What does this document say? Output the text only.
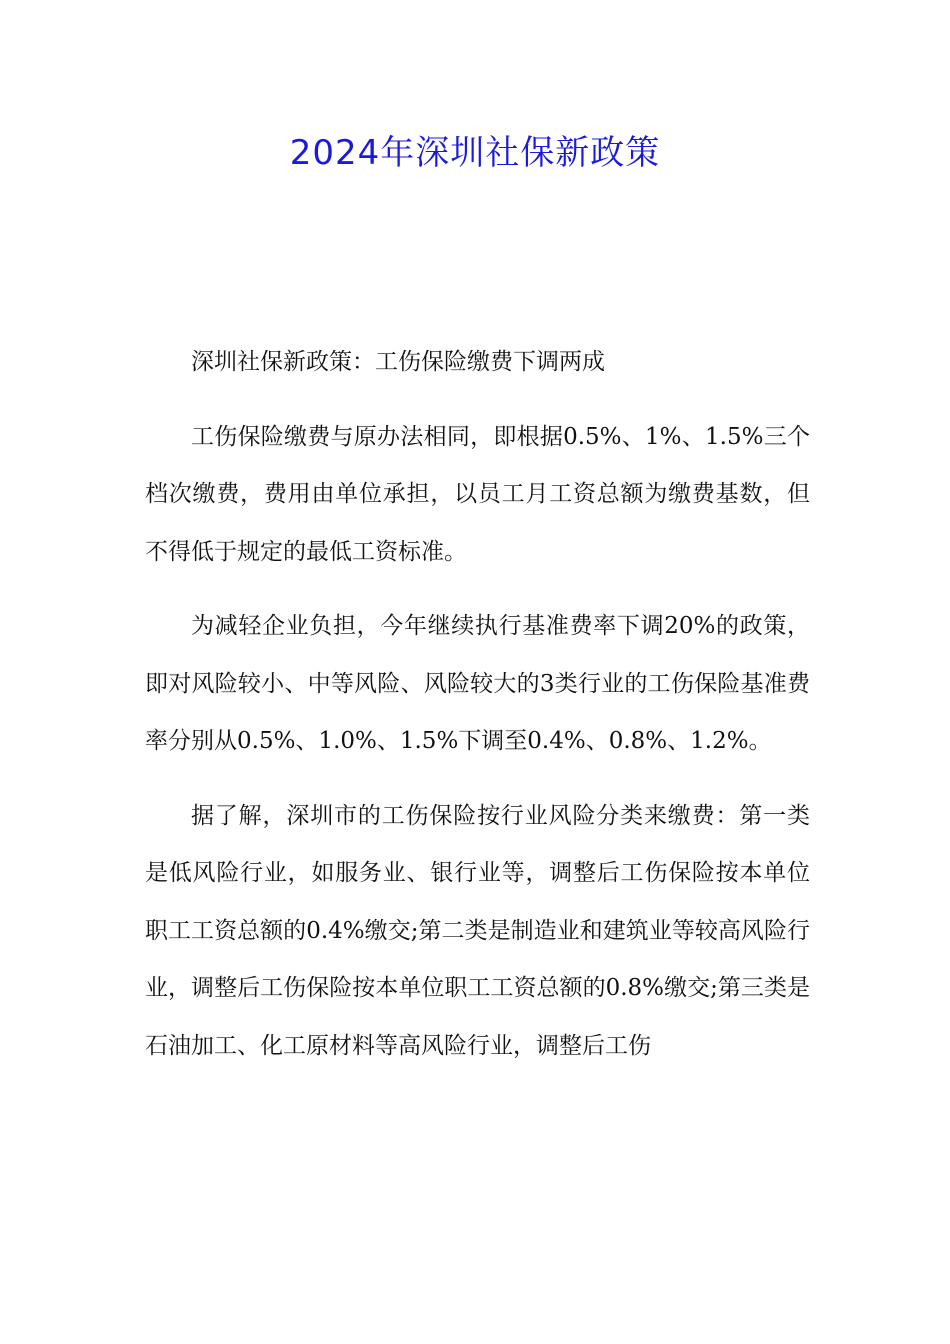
2024年深圳社保新政策

深圳社保新政策：工伤保险缴费下调两成

工伤保险缴费与原办法相同，即根据0.5%、1%、1.5%三个档次缴费，费用由单位承担，以员工月工资总额为缴费基数，但不得低于规定的最低工资标准。

为减轻企业负担，今年继续执行基准费率下调20%的政策，即对风险较小、中等风险、风险较大的3类行业的工伤保险基准费率分别从0.5%、1.0%、1.5%下调至0.4%、0.8%、1.2%。

据了解，深圳市的工伤保险按行业风险分类来缴费：第一类是低风险行业，如服务业、银行业等，调整后工伤保险按本单位职工工资总额的0.4%缴交;第二类是制造业和建筑业等较高风险行业，调整后工伤保险按本单位职工工资总额的0.8%缴交;第三类是石油加工、化工原材料等高风险行业，调整后工伤
